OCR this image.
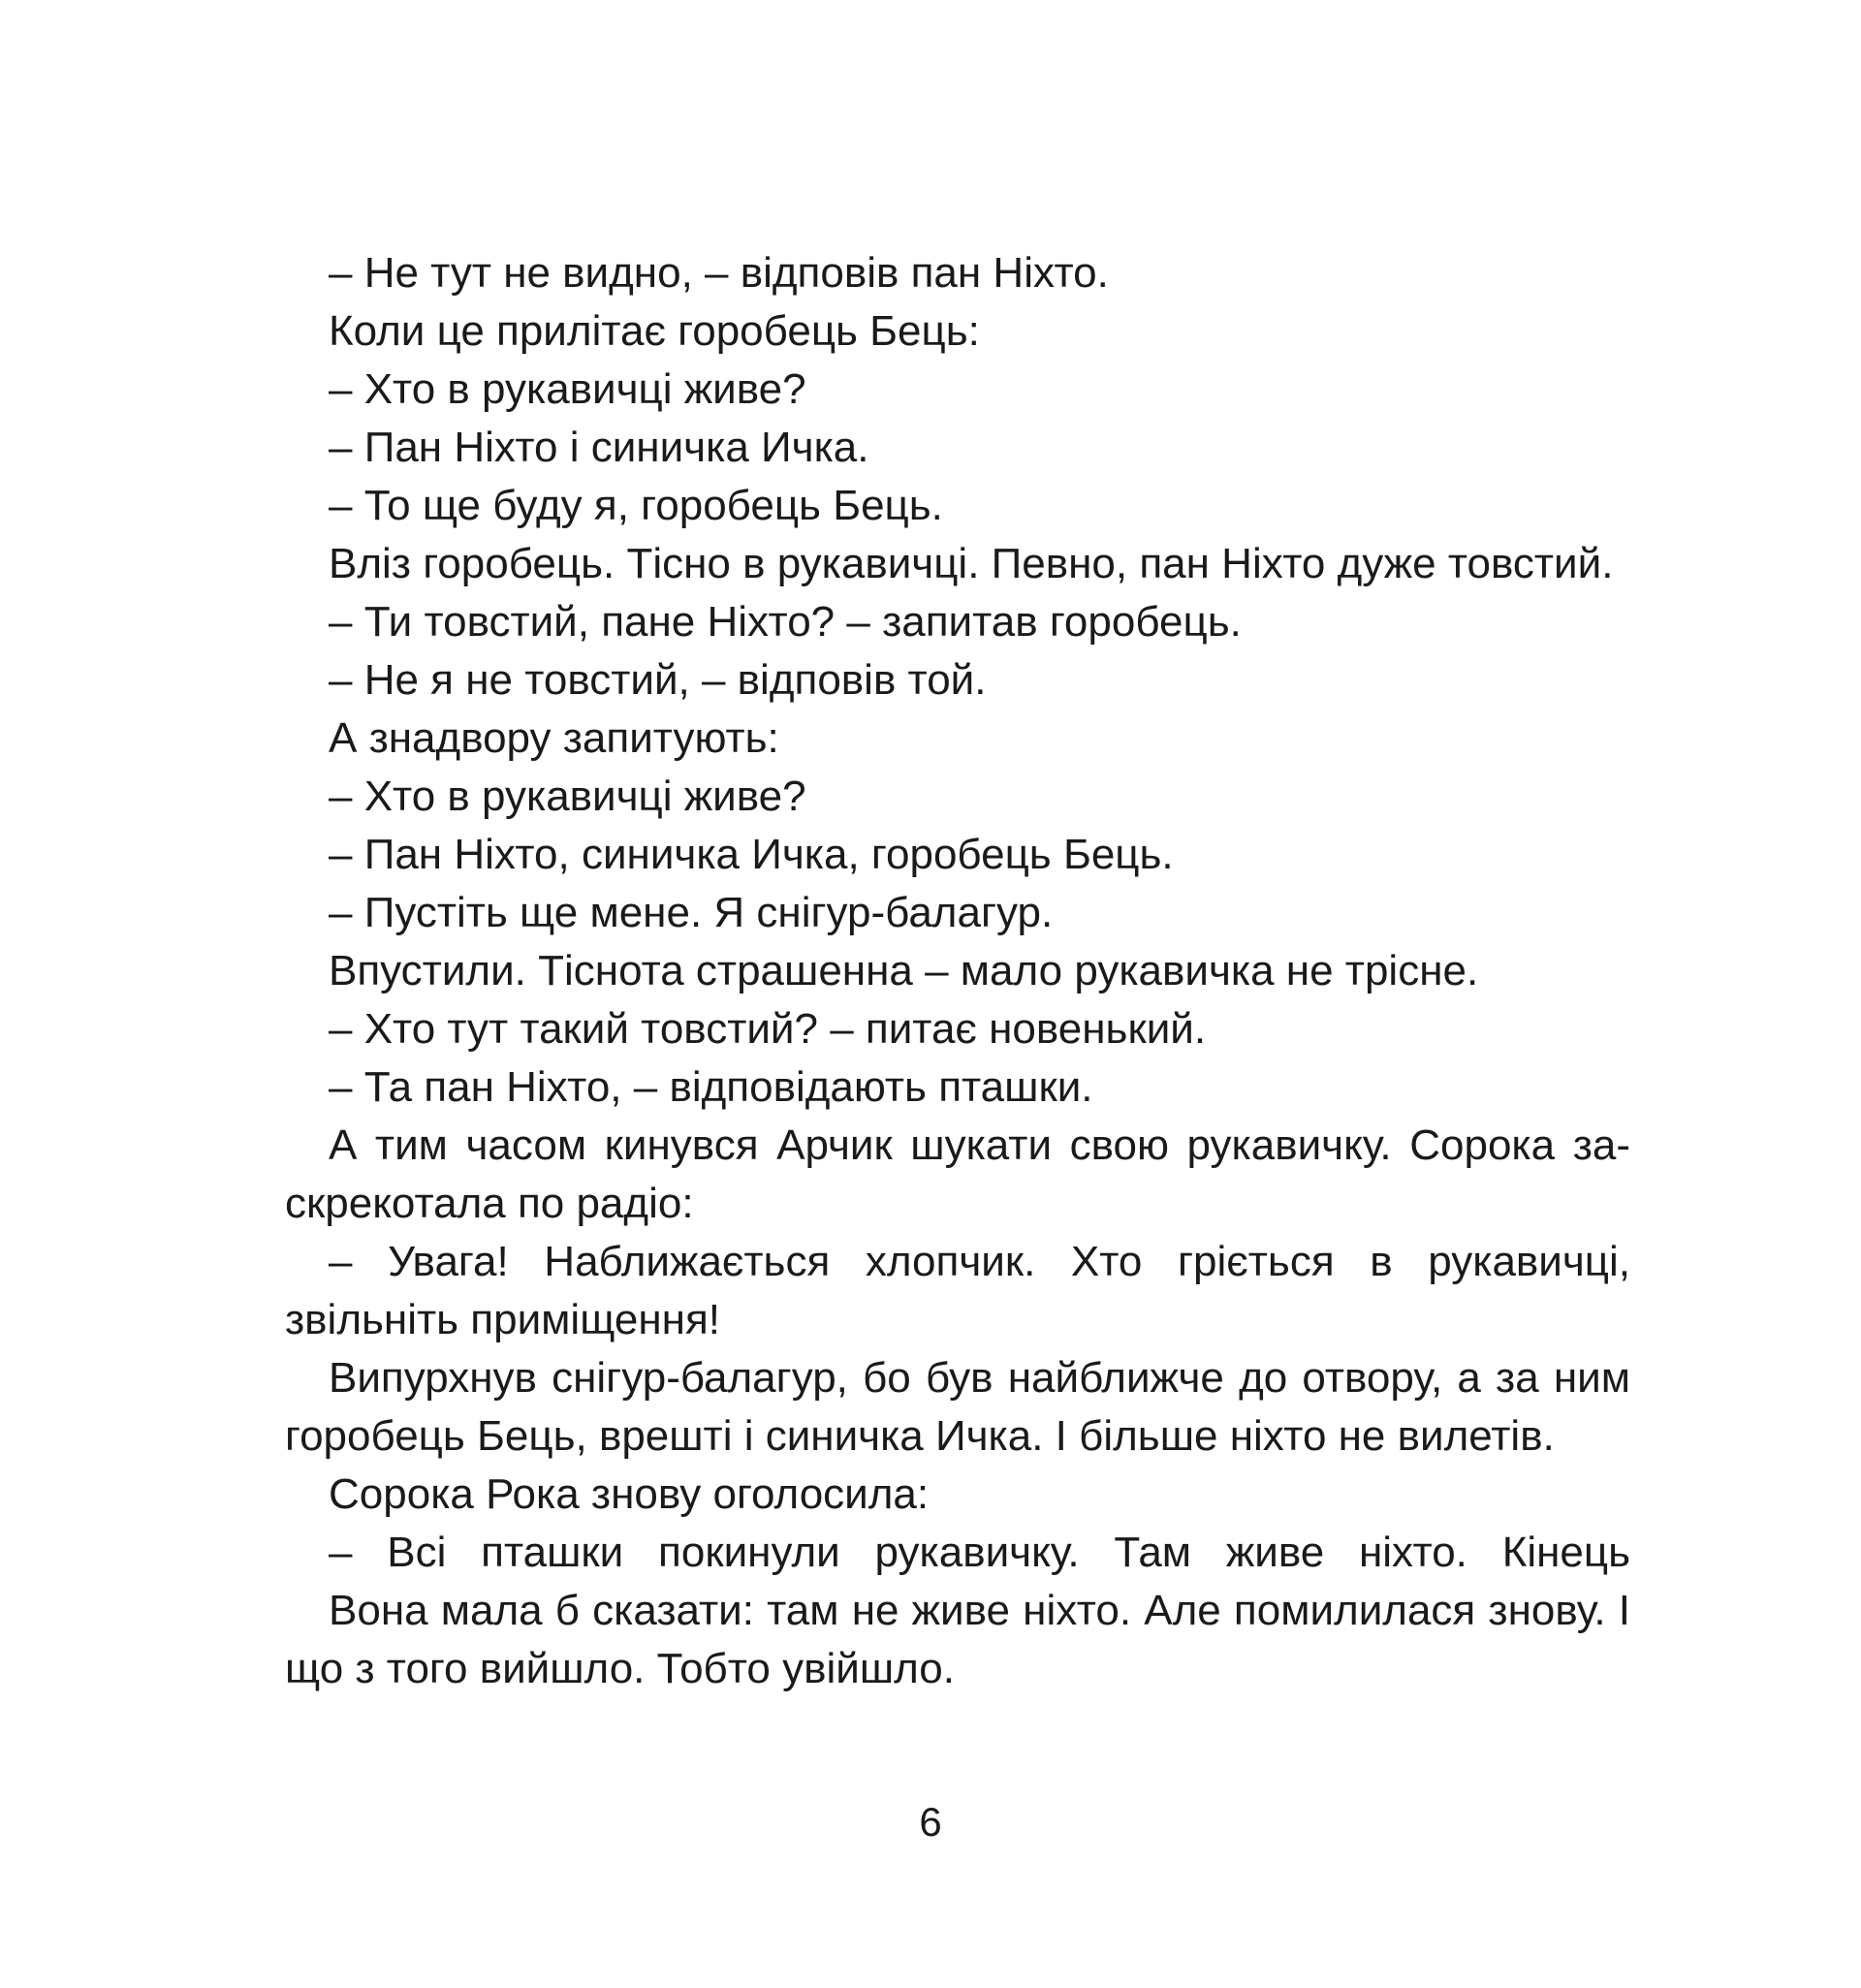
– Не тут не видно, – відповів пан Ніхто.
Коли це прилітає горобець Бець:
– Хто в рукавичці живе?
– Пан Ніхто і синичка Ичка.
– То ще буду я, горобець Бець.
Вліз горобець. Тісно в рукавичці. Певно, пан Ніхто дуже товстий.
– Ти товстий, пане Ніхто? – запитав горобець.
– Не я не товстий, – відповів той.
А знадвору запитують:
– Хто в рукавичці живе?
– Пан Ніхто, синичка Ичка, горобець Бець.
– Пустіть ще мене. Я снігур-балагур.
Впустили. Тіснота страшенна – мало рукавичка не трісне.
– Хто тут такий товстий? – питає новенький.
– Та пан Ніхто, – відповідають пташки.
А тим часом кинувся Арчик шукати свою рукавичку. Сорока за-
скрекотала по радіо:
– Увага! Наближається хлопчик. Хто гріється в рукавичці,
звільніть приміщення!
Випурхнув снігур-балагур, бо був найближче до отвору, а за ним
горобець Бець, врешті і синичка Ичка. І більше ніхто не вилетів.
Сорока Рока знову оголосила:
– Всі пташки покинули рукавичку. Там живе ніхто. Кінець
Вона мала б сказати: там не живе ніхто. Але помилилася знову. І
що з того вийшло. Тобто увійшло.
6
